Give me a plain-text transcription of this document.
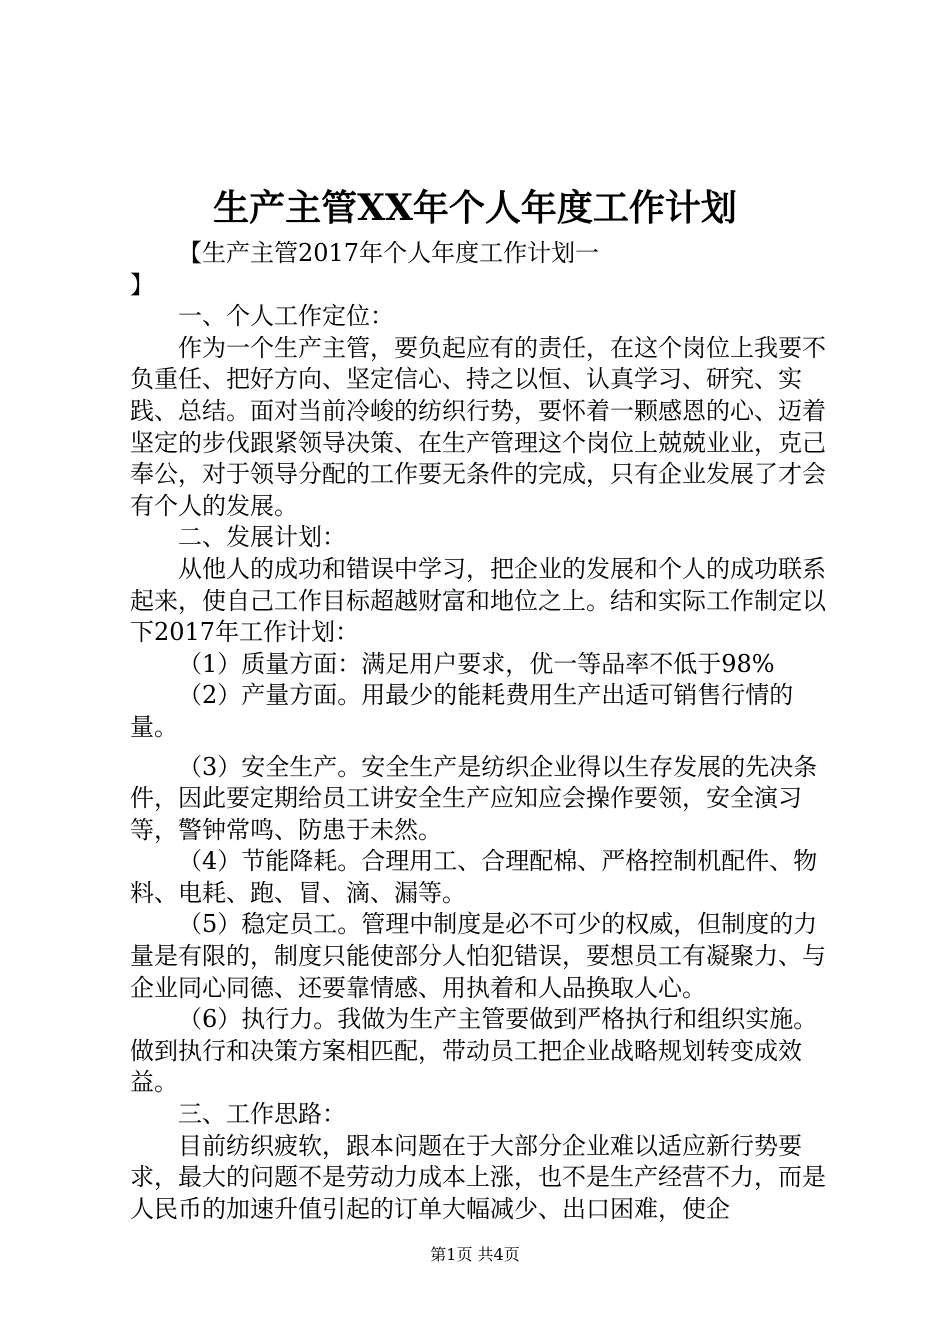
生产主管XX年个人年度工作计划

【生产主管2017年个人年度工作计划一
】

一、个人工作定位：

作为一个生产主管，要负起应有的责任，在这个岗位上我要不负重任、把好方向、坚定信心、持之以恒、认真学习、研究、实践、总结。面对当前冷峻的纺织行势，要怀着一颗感恩的心、迈着坚定的步伐跟紧领导决策、在生产管理这个岗位上兢兢业业，克己奉公，对于领导分配的工作要无条件的完成，只有企业发展了才会有个人的发展。

二、发展计划：

从他人的成功和错误中学习，把企业的发展和个人的成功联系起来，使自己工作目标超越财富和地位之上。结和实际工作制定以下2017年工作计划：

（1）质量方面：满足用户要求，优一等品率不低于98%

（2）产量方面。用最少的能耗费用生产出适可销售行情的量。

（3）安全生产。安全生产是纺织企业得以生存发展的先决条件，因此要定期给员工讲安全生产应知应会操作要领，安全演习等，警钟常鸣、防患于未然。

（4）节能降耗。合理用工、合理配棉、严格控制机配件、物料、电耗、跑、冒、滴、漏等。

（5）稳定员工。管理中制度是必不可少的权威，但制度的力量是有限的，制度只能使部分人怕犯错误，要想员工有凝聚力、与企业同心同德、还要靠情感、用执着和人品换取人心。

（6）执行力。我做为生产主管要做到严格执行和组织实施。做到执行和决策方案相匹配，带动员工把企业战略规划转变成效益。

三、工作思路：

目前纺织疲软，跟本问题在于大部分企业难以适应新行势要求，最大的问题不是劳动力成本上涨，也不是生产经营不力，而是人民币的加速升值引起的订单大幅减少、出口困难，使企

第1页 共4页
